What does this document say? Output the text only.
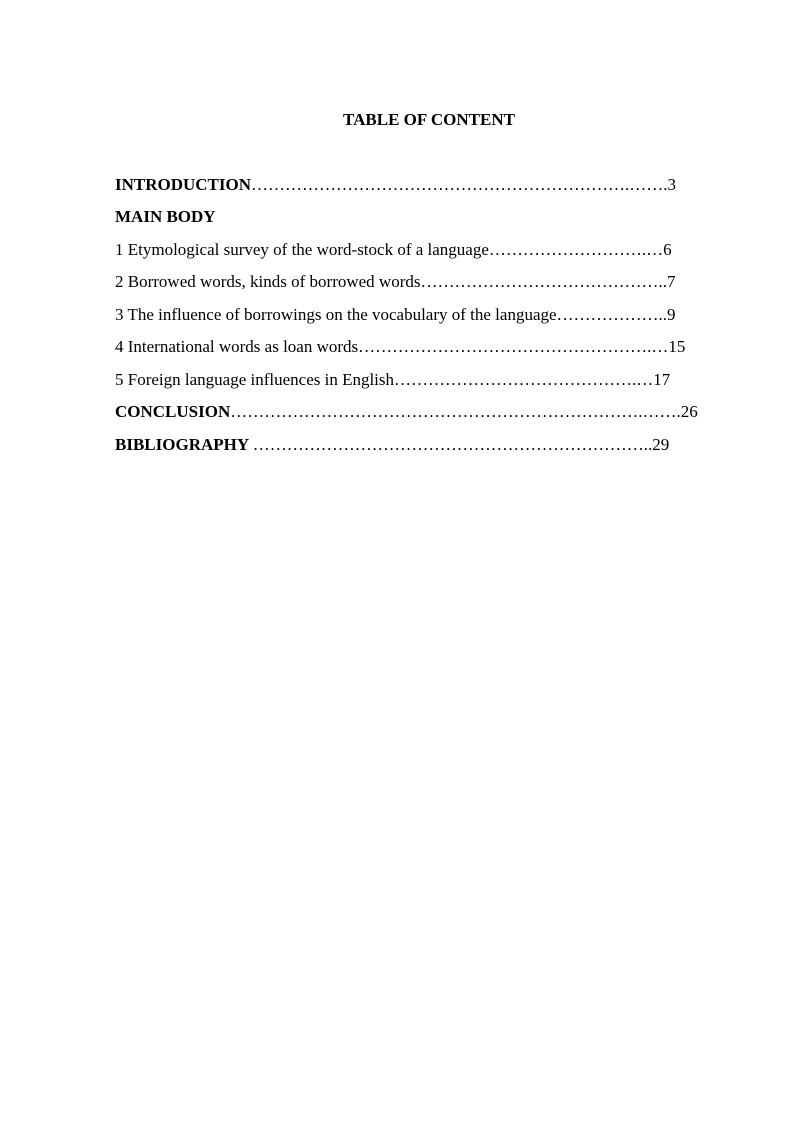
TABLE OF CONTENT
INTRODUCTION………………………………………………………….…….3
MAIN BODY
1 Etymological survey of the word-stock of a language……………………….…6
2 Borrowed words, kinds of borrowed words……………………………………..7
3 The influence of borrowings on the vocabulary of the language………………..9
4 International words as loan words…………………………………………….…15
5 Foreign language influences in English…………………………………….…17
CONCLUSION……………………………………………………………….…….26
BIBLIOGRAPHY ……………………………………………………………..29
